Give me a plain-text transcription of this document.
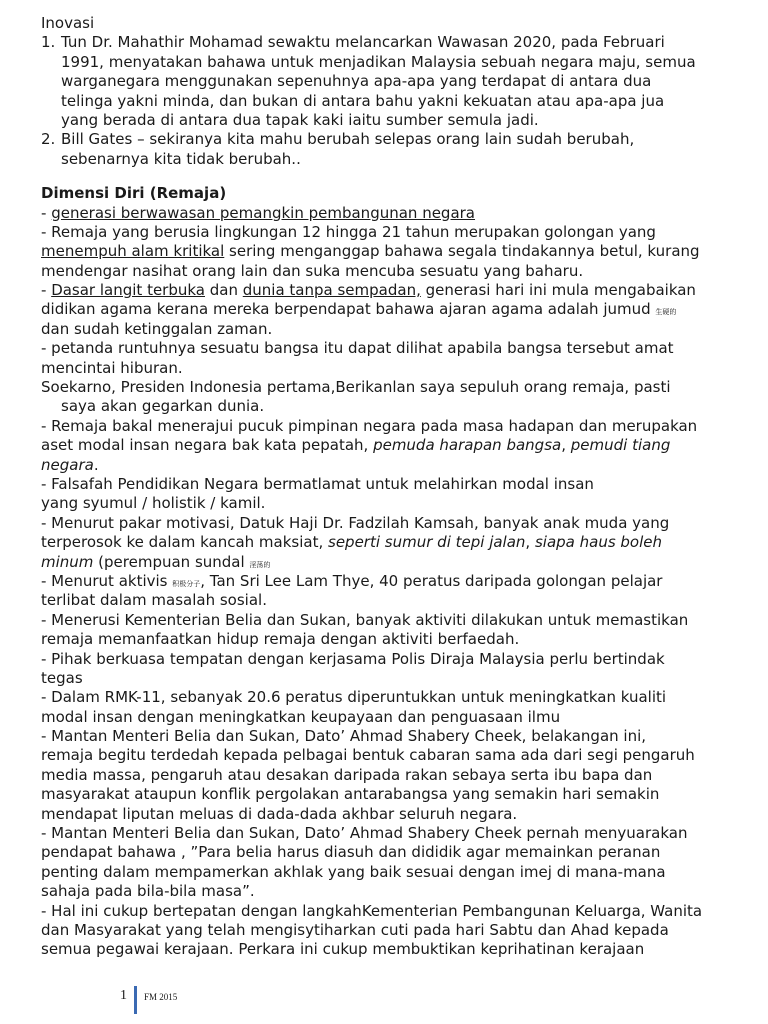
Inovasi
1. Tun Dr. Mahathir Mohamad sewaktu melancarkan Wawasan 2020, pada Februari
1991, menyatakan bahawa untuk menjadikan Malaysia sebuah negara maju, semua
warganegara menggunakan sepenuhnya apa-apa yang terdapat di antara dua
telinga yakni minda, dan bukan di antara bahu yakni kekuatan atau apa-apa jua
yang berada di antara dua tapak kaki iaitu sumber semula jadi.
2. Bill Gates – sekiranya kita mahu berubah selepas orang lain sudah berubah,
sebenarnya kita tidak berubah..
Dimensi Diri (Remaja)
- generasi berwawasan pemangkin pembangunan negara
- Remaja yang berusia lingkungan 12 hingga 21 tahun merupakan golongan yang
menempuh alam kritikal sering menganggap bahawa segala tindakannya betul, kurang
mendengar nasihat orang lain dan suka mencuba sesuatu yang baharu.
- Dasar langit terbuka dan dunia tanpa sempadan, generasi hari ini mula mengabaikan
didikan agama kerana mereka berpendapat bahawa ajaran agama adalah jumud 生硬的
dan sudah ketinggalan zaman.
- petanda runtuhnya sesuatu bangsa itu dapat dilihat apabila bangsa tersebut amat
mencintai hiburan.
Soekarno, Presiden Indonesia pertama,Berikanlan saya sepuluh orang remaja, pasti
saya akan gegarkan dunia.
- Remaja bakal menerajui pucuk pimpinan negara pada masa hadapan dan merupakan
aset modal insan negara bak kata pepatah, pemuda harapan bangsa, pemudi tiang
negara.
- Falsafah Pendidikan Negara bermatlamat untuk melahirkan modal insan
yang syumul / holistik / kamil.
- Menurut pakar motivasi, Datuk Haji Dr. Fadzilah Kamsah, banyak anak muda yang
terperosok ke dalam kancah maksiat, seperti sumur di tepi jalan, siapa haus boleh
minum (perempuan sundal 淫荡的
- Menurut aktivis 积极分子, Tan Sri Lee Lam Thye, 40 peratus daripada golongan pelajar
terlibat dalam masalah sosial.
- Menerusi Kementerian Belia dan Sukan, banyak aktiviti dilakukan untuk memastikan
remaja memanfaatkan hidup remaja dengan aktiviti berfaedah.
- Pihak berkuasa tempatan dengan kerjasama Polis Diraja Malaysia perlu bertindak
tegas
- Dalam RMK-11, sebanyak 20.6 peratus diperuntukkan untuk meningkatkan kualiti
modal insan dengan meningkatkan keupayaan dan penguasaan ilmu
- Mantan Menteri Belia dan Sukan, Dato’ Ahmad Shabery Cheek, belakangan ini,
remaja begitu terdedah kepada pelbagai bentuk cabaran sama ada dari segi pengaruh
media massa, pengaruh atau desakan daripada rakan sebaya serta ibu bapa dan
masyarakat ataupun konflik pergolakan antarabangsa yang semakin hari semakin
mendapat liputan meluas di dada-dada akhbar seluruh negara.
- Mantan Menteri Belia dan Sukan, Dato’ Ahmad Shabery Cheek pernah menyuarakan
pendapat bahawa , ”Para belia harus diasuh dan dididik agar memainkan peranan
penting dalam mempamerkan akhlak yang baik sesuai dengan imej di mana-mana
sahaja pada bila-bila masa”.
- Hal ini cukup bertepatan dengan langkahKementerian Pembangunan Keluarga, Wanita
dan Masyarakat yang telah mengisytiharkan cuti pada hari Sabtu dan Ahad kepada
semua pegawai kerajaan. Perkara ini cukup membuktikan keprihatinan kerajaan
1 FM 2015
